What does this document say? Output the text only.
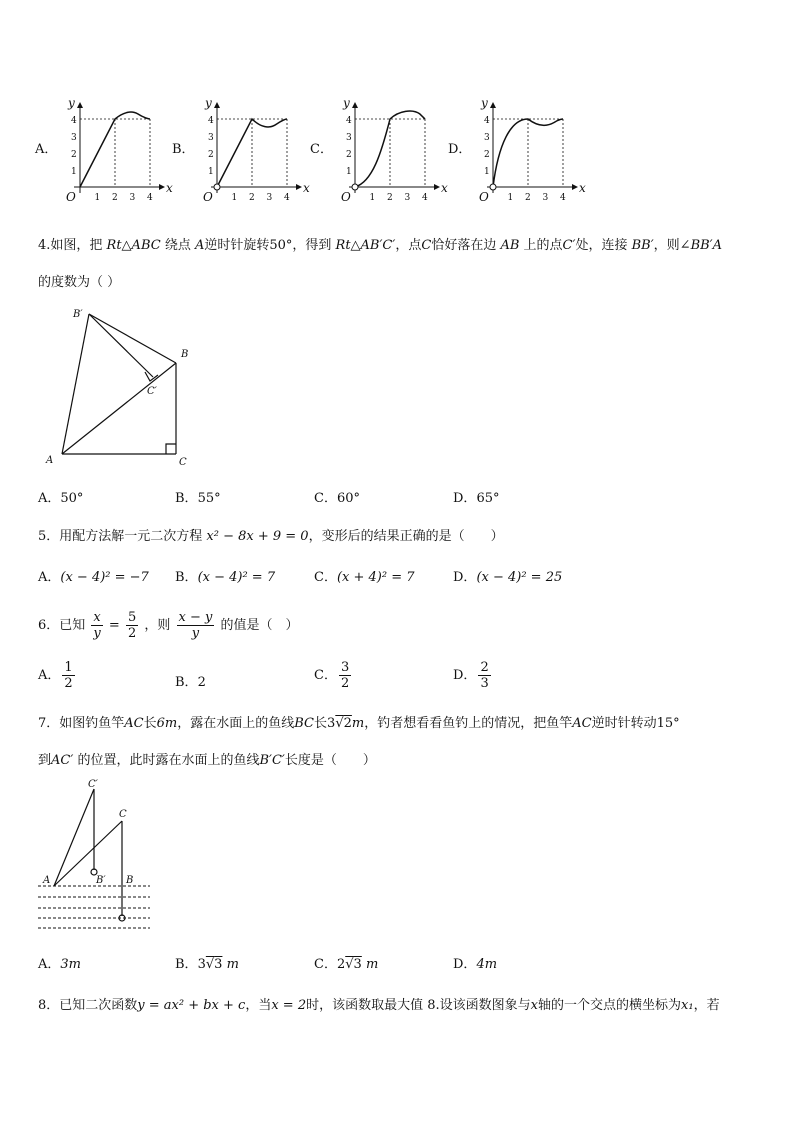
A．
1
2
3
4
1 2 3 4
O
x
y
B．
1
2
3
4
1 2 3 4
O
x
y
C．
1
2
3
4
1 2 3 4
O
x
y
D．
1
2
3
4
1 2 3 4
O
x
y
4.如图，把 Rt△ABC 绕点 A逆时针旋转50°，得到 Rt△AB′C′，点C恰好落在边 AB 上的点C′处，连接 BB′，则∠BB′A
的度数为（ ）
B′
B
C′
A	C
A．50°	B．55°	C．60°	D．65°
5．用配方法解一元二次方程 x² − 8x + 9 = 0，变形后的结果正确的是（　　）
A．(x − 4)² = −7 B．(x − 4)² = 7	C．(x + 4)² = 7	D．(x − 4)² = 25
6．已知 $\frac{x}{y} = \frac{5}{2}$ ，则 $\frac{x - y}{y}$ 的值是（　）
A． $\frac{1}{2}$	B．2	C． $\frac{3}{2}$	D． $\frac{2}{3}$
7．如图钓鱼竿AC长6m，露在水面上的鱼线BC长3√2m，钓者想看看鱼钓上的情况，把鱼竿AC逆时针转动15°
到AC′ 的位置，此时露在水面上的鱼线B′C′长度是（　　）
C′
C
A	B′ B
A．3m	B．3√3 m	C．2√3 m	D．4m
8．已知二次函数y = ax² + bx + c，当x = 2时，该函数取最大值 8.设该函数图象与x轴的一个交点的横坐标为x₁，若
